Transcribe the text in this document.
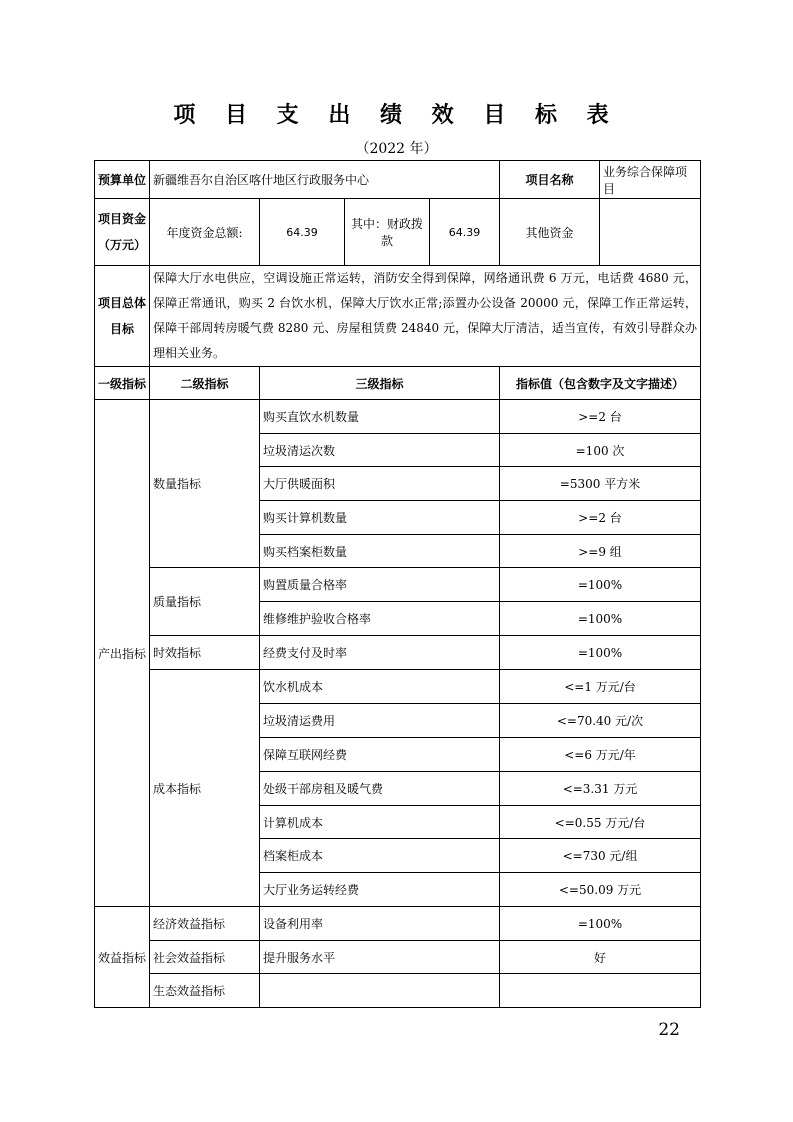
项 目 支 出 绩 效 目 标 表
（2022 年）
预算单位	新疆维吾尔自治区喀什地区行政服务中心				项目名称	业务综合保障项目
项目资金（万元）	年度资金总额:	64.39	其中：财政拨款	64.39	其他资金	
项目总体目标	保障大厅水电供应，空调设施正常运转，消防安全得到保障，网络通讯费 6 万元，电话费 4680 元，保障正常通讯，购买 2 台饮水机，保障大厅饮水正常;添置办公设备 20000 元，保障工作正常运转，保障干部周转房暖气费 8280 元、房屋租赁费 24840 元，保障大厅清洁，适当宣传，有效引导群众办理相关业务。					
一级指标	二级指标	三级指标			指标值（包含数字及文字描述）	
产出指标	数量指标	购买直饮水机数量			>=2 台	
		垃圾清运次数			=100 次	
		大厅供暖面积			=5300 平方米	
		购买计算机数量			>=2 台	
		购买档案柜数量			>=9 组	
	质量指标	购置质量合格率			=100%	
		维修维护验收合格率			=100%	
	时效指标	经费支付及时率			=100%	
	成本指标	饮水机成本			<=1 万元/台	
		垃圾清运费用			<=70.40 元/次	
		保障互联网经费			<=6 万元/年	
		处级干部房租及暖气费			<=3.31 万元	
		计算机成本			<=0.55 万元/台	
		档案柜成本			<=730 元/组	
		大厅业务运转经费			<=50.09 万元	
效益指标	经济效益指标	设备利用率			=100%	
	社会效益指标	提升服务水平			好	
	生态效益指标					
22
